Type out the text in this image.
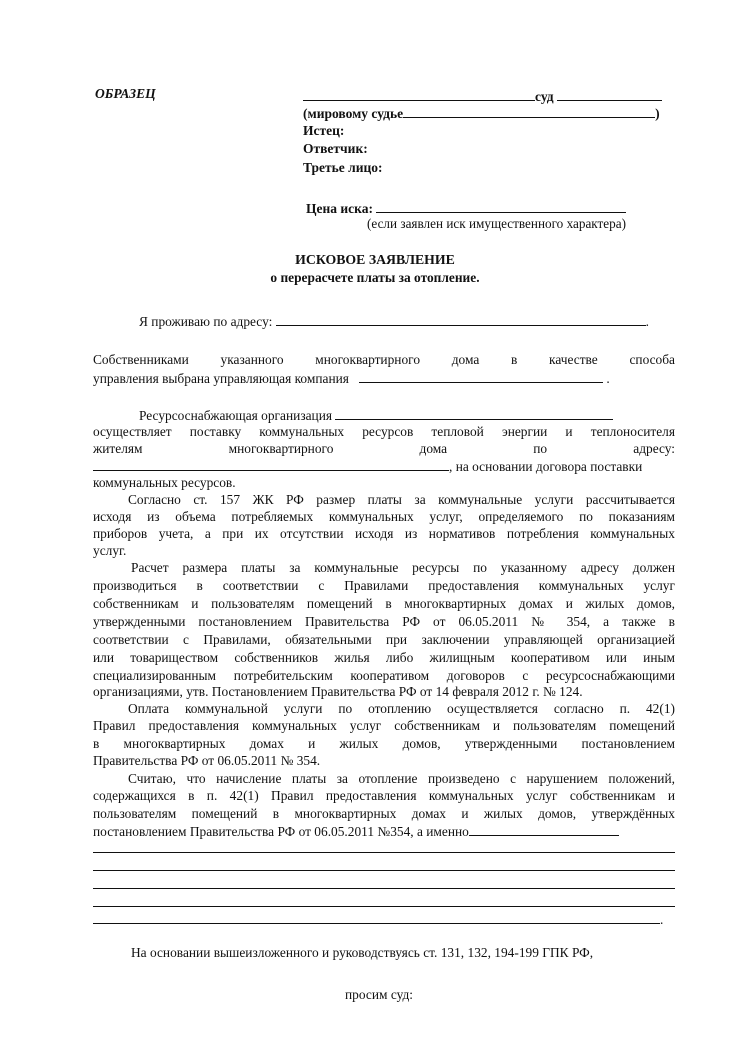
ОБРАЗЕЦ	суд
(мировому судье	)
Истец:
Ответчик:
Третье лицо:
Цена иска:
(если заявлен иск имущественного характера)
ИСКОВОЕ ЗАЯВЛЕНИЕ
о перерасчете платы за отопление.
Я проживаю по адресу:	.
Собственниками указанного многоквартирного дома в качестве способа
управления выбрана управляющая компания	.
Ресурсоснабжающая организация
осуществляет поставку коммунальных ресурсов тепловой энергии и теплоносителя
жителям многоквартирного дома по адресу:
, на основании договора поставки
коммунальных ресурсов.
Согласно ст. 157 ЖК РФ размер платы за коммунальные услуги рассчитывается
исходя из объема потребляемых коммунальных услуг, определяемого по показаниям
приборов учета, а при их отсутствии исходя из нормативов потребления коммунальных
услуг.
Расчет размера платы за коммунальные ресурсы по указанному адресу должен
производиться в соответствии с Правилами предоставления коммунальных услуг
собственникам и пользователям помещений в многоквартирных домах и жилых домов,
утвержденными постановлением Правительства РФ от 06.05.2011 № 354, а также в
соответствии с Правилами, обязательными при заключении управляющей организацией
или товариществом собственников жилья либо жилищным кооперативом или иным
специализированным потребительским кооперативом договоров с ресурсоснабжающими
организациями, утв. Постановлением Правительства РФ от 14 февраля 2012 г. № 124.
Оплата коммунальной услуги по отоплению осуществляется согласно п. 42(1)
Правил предоставления коммунальных услуг собственникам и пользователям помещений
в многоквартирных домах и жилых домов, утвержденными постановлением
Правительства РФ от 06.05.2011 № 354.
Считаю, что начисление платы за отопление произведено с нарушением положений,
содержащихся в п. 42(1) Правил предоставления коммунальных услуг собственникам и
пользователям помещений в многоквартирных домах и жилых домов, утверждённых
постановлением Правительства РФ от 06.05.2011 №354, а именно
.
На основании вышеизложенного и руководствуясь ст. 131, 132, 194-199 ГПК РФ,
просим суд:
